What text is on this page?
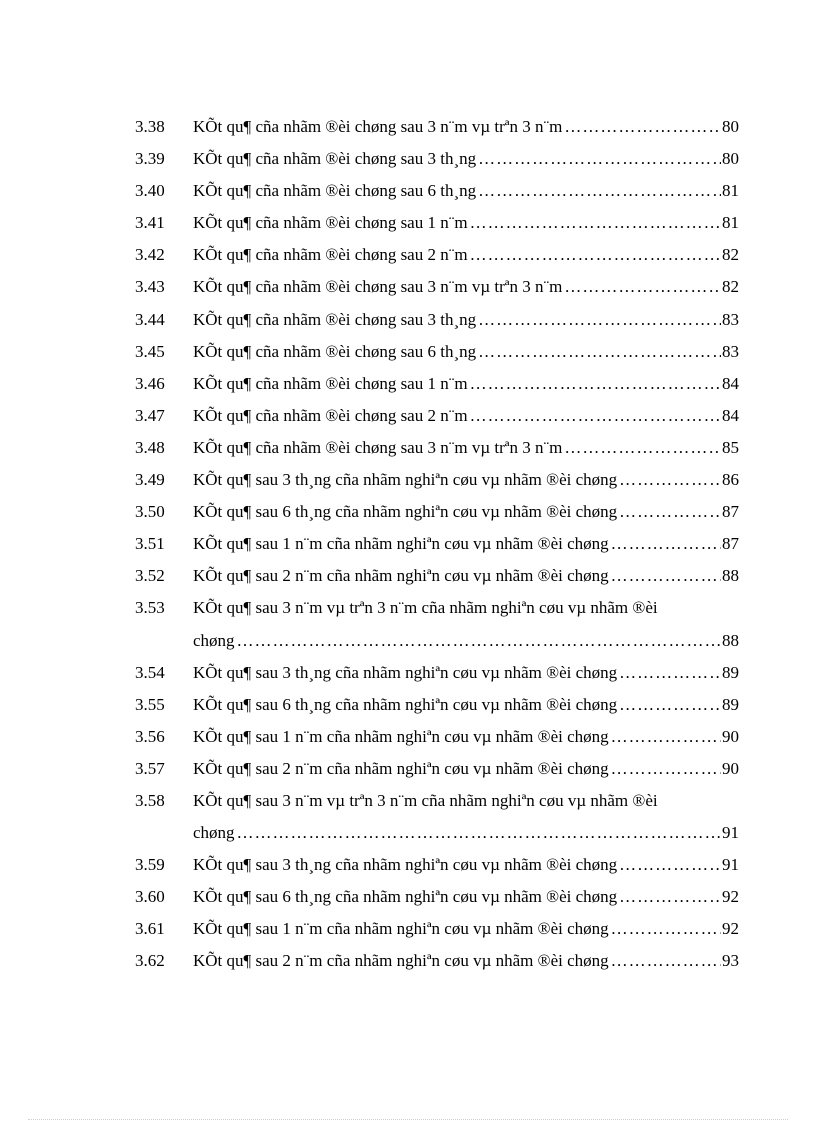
3.38	KÕt qu¶ cña nhãm ®èi chøng sau 3 n¨m vµ trªn 3 n¨m …………………………………………………………………………………………………………………………………………	80
3.39	KÕt qu¶ cña nhãm ®èi chøng sau 3 th¸ng …………………………………………………………………………………………………………………………………………	80
3.40	KÕt qu¶ cña nhãm ®èi chøng sau 6 th¸ng …………………………………………………………………………………………………………………………………………	81
3.41	KÕt qu¶ cña nhãm ®èi chøng sau 1 n¨m …………………………………………………………………………………………………………………………………………	81
3.42	KÕt qu¶ cña nhãm ®èi chøng sau 2 n¨m …………………………………………………………………………………………………………………………………………	82
3.43	KÕt qu¶ cña nhãm ®èi chøng sau 3 n¨m vµ trªn 3 n¨m …………………………………………………………………………………………………………………………………………	82
3.44	KÕt qu¶ cña nhãm ®èi chøng sau 3 th¸ng …………………………………………………………………………………………………………………………………………	83
3.45	KÕt qu¶ cña nhãm ®èi chøng sau 6 th¸ng …………………………………………………………………………………………………………………………………………	83
3.46	KÕt qu¶ cña nhãm ®èi chøng sau 1 n¨m …………………………………………………………………………………………………………………………………………	84
3.47	KÕt qu¶ cña nhãm ®èi chøng sau 2 n¨m …………………………………………………………………………………………………………………………………………	84
3.48	KÕt qu¶ cña nhãm ®èi chøng sau 3 n¨m vµ trªn 3 n¨m …………………………………………………………………………………………………………………………………………	85
3.49	KÕt qu¶ sau 3 th¸ng cña nhãm nghiªn cøu vµ nhãm ®èi chøng …………………………………………………………………………………………………………………………………………	86
3.50	KÕt qu¶ sau 6 th¸ng cña nhãm nghiªn cøu vµ nhãm ®èi chøng …………………………………………………………………………………………………………………………………………	87
3.51	KÕt qu¶ sau 1 n¨m cña nhãm nghiªn cøu vµ nhãm ®èi chøng …………………………………………………………………………………………………………………………………………	87
3.52	KÕt qu¶ sau 2 n¨m cña nhãm nghiªn cøu vµ nhãm ®èi chøng …………………………………………………………………………………………………………………………………………	88
3.53	KÕt qu¶ sau 3 n¨m vµ trªn 3 n¨m cña nhãm nghiªn cøu vµ nhãm ®èi
chøng …………………………………………………………………………………………………………………………………………	88
3.54	KÕt qu¶ sau 3 th¸ng cña nhãm nghiªn cøu vµ nhãm ®èi chøng …………………………………………………………………………………………………………………………………………	89
3.55	KÕt qu¶ sau 6 th¸ng cña nhãm nghiªn cøu vµ nhãm ®èi chøng …………………………………………………………………………………………………………………………………………	89
3.56	KÕt qu¶ sau 1 n¨m cña nhãm nghiªn cøu vµ nhãm ®èi chøng …………………………………………………………………………………………………………………………………………	90
3.57	KÕt qu¶ sau 2 n¨m cña nhãm nghiªn cøu vµ nhãm ®èi chøng …………………………………………………………………………………………………………………………………………	90
3.58	KÕt qu¶ sau 3 n¨m vµ trªn 3 n¨m cña nhãm nghiªn cøu vµ nhãm ®èi
chøng …………………………………………………………………………………………………………………………………………	91
3.59	KÕt qu¶ sau 3 th¸ng cña nhãm nghiªn cøu vµ nhãm ®èi chøng …………………………………………………………………………………………………………………………………………	91
3.60	KÕt qu¶ sau 6 th¸ng cña nhãm nghiªn cøu vµ nhãm ®èi chøng …………………………………………………………………………………………………………………………………………	92
3.61	KÕt qu¶ sau 1 n¨m cña nhãm nghiªn cøu vµ nhãm ®èi chøng …………………………………………………………………………………………………………………………………………	92
3.62	KÕt qu¶ sau 2 n¨m cña nhãm nghiªn cøu vµ nhãm ®èi chøng …………………………………………………………………………………………………………………………………………	93
